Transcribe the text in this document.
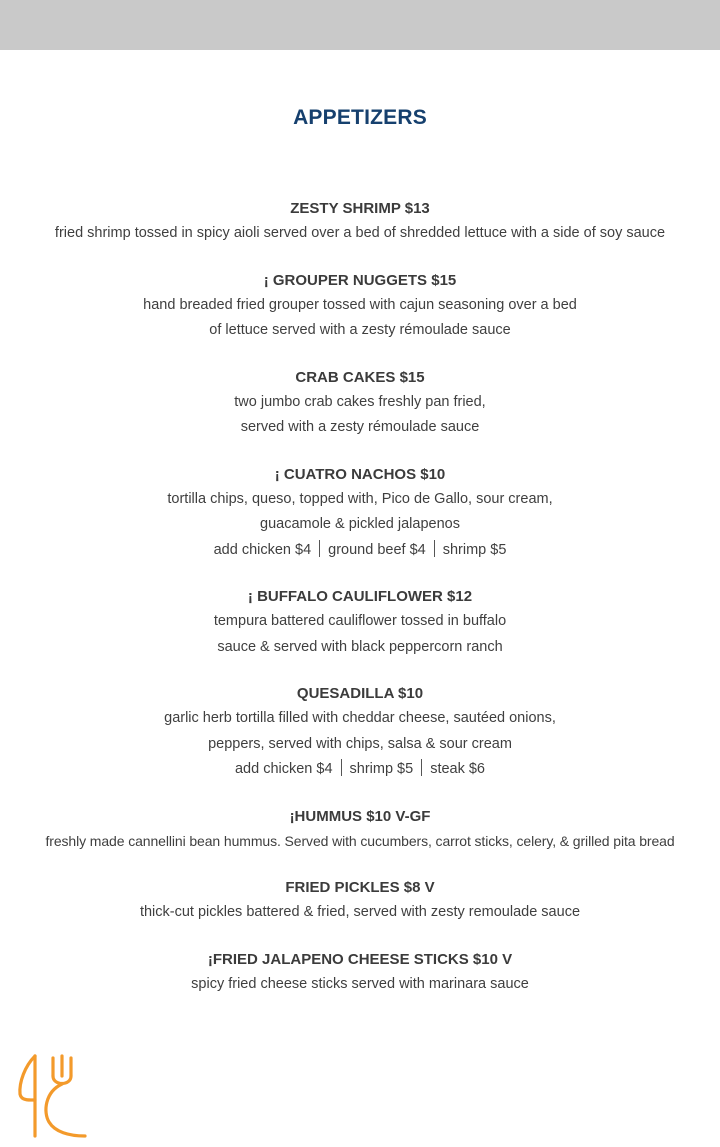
APPETIZERS
ZESTY SHRIMP $13
fried shrimp tossed in spicy aioli served over a bed of shredded lettuce with a side of soy sauce
¡ GROUPER NUGGETS $15
hand breaded fried grouper tossed with cajun seasoning over a bed
of lettuce served with a zesty rémoulade sauce
CRAB CAKES $15
two jumbo crab cakes freshly pan fried,
served with a zesty rémoulade sauce
¡ CUATRO NACHOS $10
tortilla chips, queso, topped with, Pico de Gallo, sour cream,
guacamole & pickled jalapenos
add chicken $4 ground beef $4 shrimp $5
¡ BUFFALO CAULIFLOWER $12
tempura battered cauliflower tossed in buffalo
sauce & served with black peppercorn ranch
QUESADILLA $10
garlic herb tortilla filled with cheddar cheese, sautéed onions,
peppers, served with chips, salsa & sour cream
add chicken $4 shrimp $5 steak $6
¡HUMMUS $10 V-GF
freshly made cannellini bean hummus. Served with cucumbers, carrot sticks, celery, & grilled pita bread
FRIED PICKLES $8 V
thick-cut pickles battered & fried, served with zesty remoulade sauce
¡FRIED JALAPENO CHEESE STICKS $10 V
spicy fried cheese sticks served with marinara sauce
